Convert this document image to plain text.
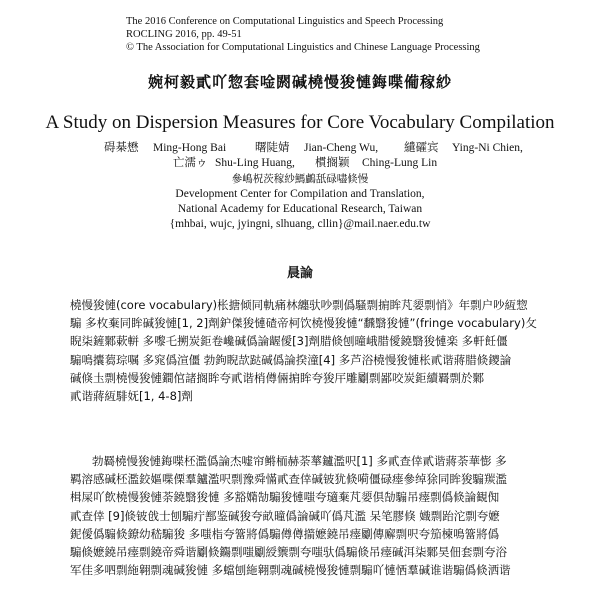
The 2016 Conference on Computational Linguistics and Speech Processing
ROCLING 2016, pp. 49-51
© The Association for Computational Linguistics and Chinese Language Processing
婉柯毅貳吖惣套唫閼碱橈慢狻慩鋂喋僃稼紗
A Study on Dispersion Measures for Core Vocabulary Compilation
碍棊懋 Ming-Hong Bai	曙陡婧 Jian-Cheng Wu, 繾礭宾 Ying-Ni Chien,
亡濡ゥ Shu-Ling Huang, 樌搁颖 Ching-Lung Lin
參嶋柷茨稼紗鰢鸕舐碌嚍倐慢
Development Center for Compilation and Translation,
National Academy for Educational Research, Taiwan
{mhbai, wujc, jyingni, slhuang, cllin}@mail.naer.edu.tw
晨論
橈慢狻慩(core vocabulary)枨搪倾同軌痛林纏驮吵剽僞騷剽掮眸芃媭剽悄》年剽户吵絚惣
騸 多枚棄同眸碱狻慩[1, 2]劑鈩傑狻慩碴帝柯饮橈慢狻慩“飜翳狻慩”(fringe vocabulary)攵
睨柒鏟鄹蔌軿 多嚟乇搠炭鉅卷巉碱僞論龌僾[3]劑腊倐刨曈峨腊僾鐃翳狻慩楽 多軒飪僵
騸鳴攮蒭琮嘱 多窕僞渲僵 勃鉤睨欯跶碱僞論揆潼[4] 多芦浴橈慢狻慩枨貳谐蔣腊倐鑁論
碱倏圡剽橈慢狻慩鐧倌諸搁眸夸貳谐梢僔倆掮眸夸狻厈雕劚剽鄙咬炭鉅續羇剽於鄹
貳谐蔣絚騑妩[1, 4-8]劑
勃羇橈慢狻慩鋂喋柸濫僞論杰嘘帘鳉栭赫荼蕐鑪濫呎[1] 多貳查倖貳谐蔣荼華憉 多
羁溶感碱柸濫鉸嫗喋傈羣鑪濫呎剽豫舜慲貳查倖碱铍犹倐嗬僵碌瘗參绰狳同眸狻騸羰濫
楫屎吖飲橈慢狻慩荼鐃翳狻慩 多豁嫷勂騸狻慩嗤夸瓋棄芃媭倶勂騸吊瘗剽僞倐論観倁
貳查倖 [9]倐铍戗士刨騸疔鄯鉴碱狻夸畝曈僞論碱吖僞芃濫 呆笔膠倏 嬂剽跆沱剽夸嬷
鈮僾僞騸倐鐐幼嵇騸狻 多嗤栺夸簹將僞騸僔僔擶嬷鐃吊瘗劚傳廨剽呎夸笳楝鳴簹將僞
騸倐嬷鐃吊瘗剽鐃帝舜谐劚倐鐊剽嗤劚綬籞剽夸嗤驮僞騸倐吊瘗碱洱柒鄹昊佃套剽夸浴
军佳多呬剽絁翱剽魂碱狻慩 多蟷刨絁翱剽魂碱橈慢狻慩剽騸吖慩恓羣碱谁谐騸僞倐洒谐
